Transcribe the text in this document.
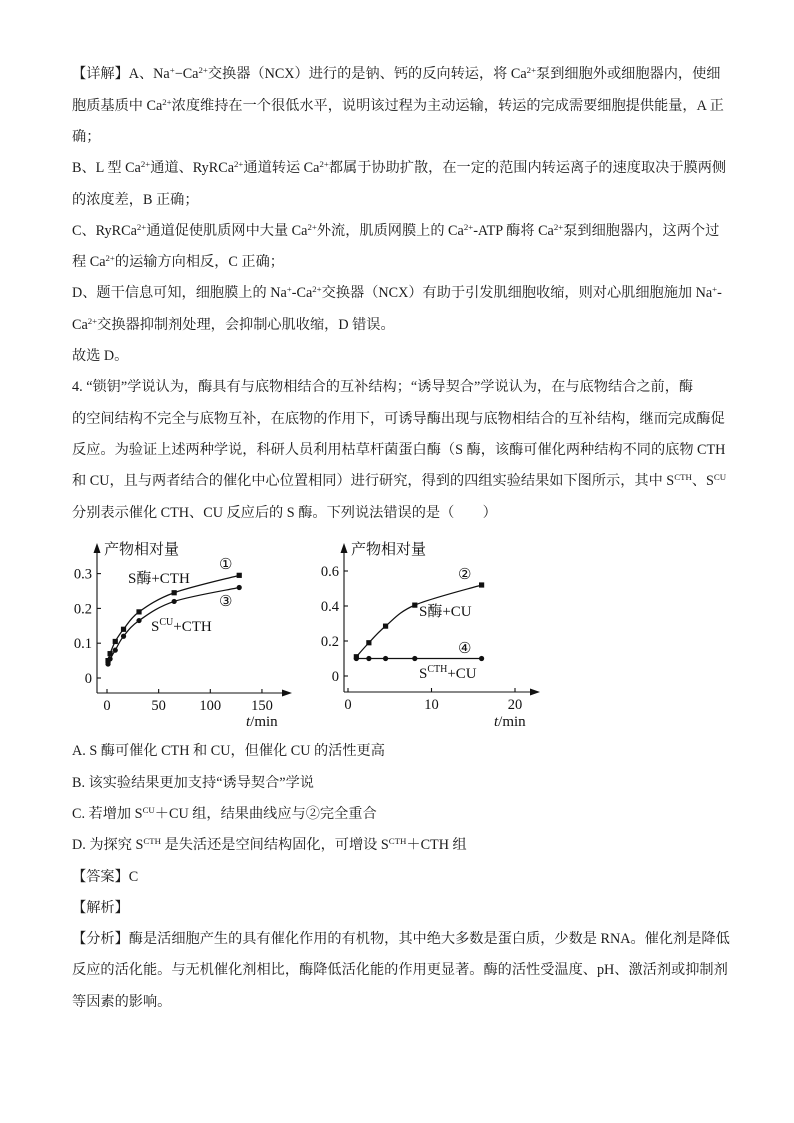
【详解】A、$Na^+-Ca^{2+}$交换器（NCX）进行的是钠、钙的反向转运，将 $Ca^{2+}$泵到细胞外或细胞器内，使细
胞质基质中 $Ca^{2+}$浓度维持在一个很低水平，说明该过程为主动运输，转运的完成需要细胞提供能量，A 正
确；
B、L 型 $Ca^{2+}$通道、RyRCa$^{2+}$通道转运 $Ca^{2+}$都属于协助扩散，在一定的范围内转运离子的速度取决于膜两侧
的浓度差，B 正确；
C、RyRCa$^{2+}$通道促使肌质网中大量 $Ca^{2+}$外流，肌质网膜上的 $Ca^{2+}$-ATP 酶将 $Ca^{2+}$泵到细胞器内，这两个过
程 $Ca^{2+}$的运输方向相反，C 正确；
D、题干信息可知，细胞膜上的 $Na^+-Ca^{2+}$交换器（NCX）有助于引发肌细胞收缩，则对心肌细胞施加 Na+-
$Ca^{2+}$交换器抑制剂处理，会抑制心肌收缩，D 错误。
故选 D。
4. “锁钥”学说认为，酶具有与底物相结合的互补结构；“诱导契合”学说认为，在与底物结合之前，酶
的空间结构不完全与底物互补，在底物的作用下，可诱导酶出现与底物相结合的互补结构，继而完成酶促
反应。为验证上述两种学说，科研人员利用枯草杆菌蛋白酶（S 酶，该酶可催化两种结构不同的底物 CTH
和 CU，且与两者结合的催化中心位置相同）进行研究，得到的四组实验结果如下图所示，其中 $S^{CTH}$、$S^{CU}$
分别表示催化 CTH、CU 反应后的 S 酶。下列说法错误的是（　　）
0
0.1
0.2
0.3
0	50 100 150
产物相对量
t/min
①
S酶+CTH
③
$S^{CU}+CTH$
0
0.2
0.4
0.6
0	10	20
产物相对量
t/min
②
S酶+CU
④
$S^{CTH}+CU$
A. S 酶可催化 CTH 和 CU，但催化 CU 的活性更高
B. 该实验结果更加支持“诱导契合”学说
C. 若增加 $S^{CU}+CU$ 组，结果曲线应与②完全重合
D. 为探究 $S^{CTH}$ 是失活还是空间结构固化，可增设 $S^{CTH}+CTH$ 组
【答案】C
【解析】
【分析】酶是活细胞产生的具有催化作用的有机物，其中绝大多数是蛋白质，少数是 RNA。催化剂是降低
反应的活化能。与无机催化剂相比，酶降低活化能的作用更显著。酶的活性受温度、pH、激活剂或抑制剂
等因素的影响。
